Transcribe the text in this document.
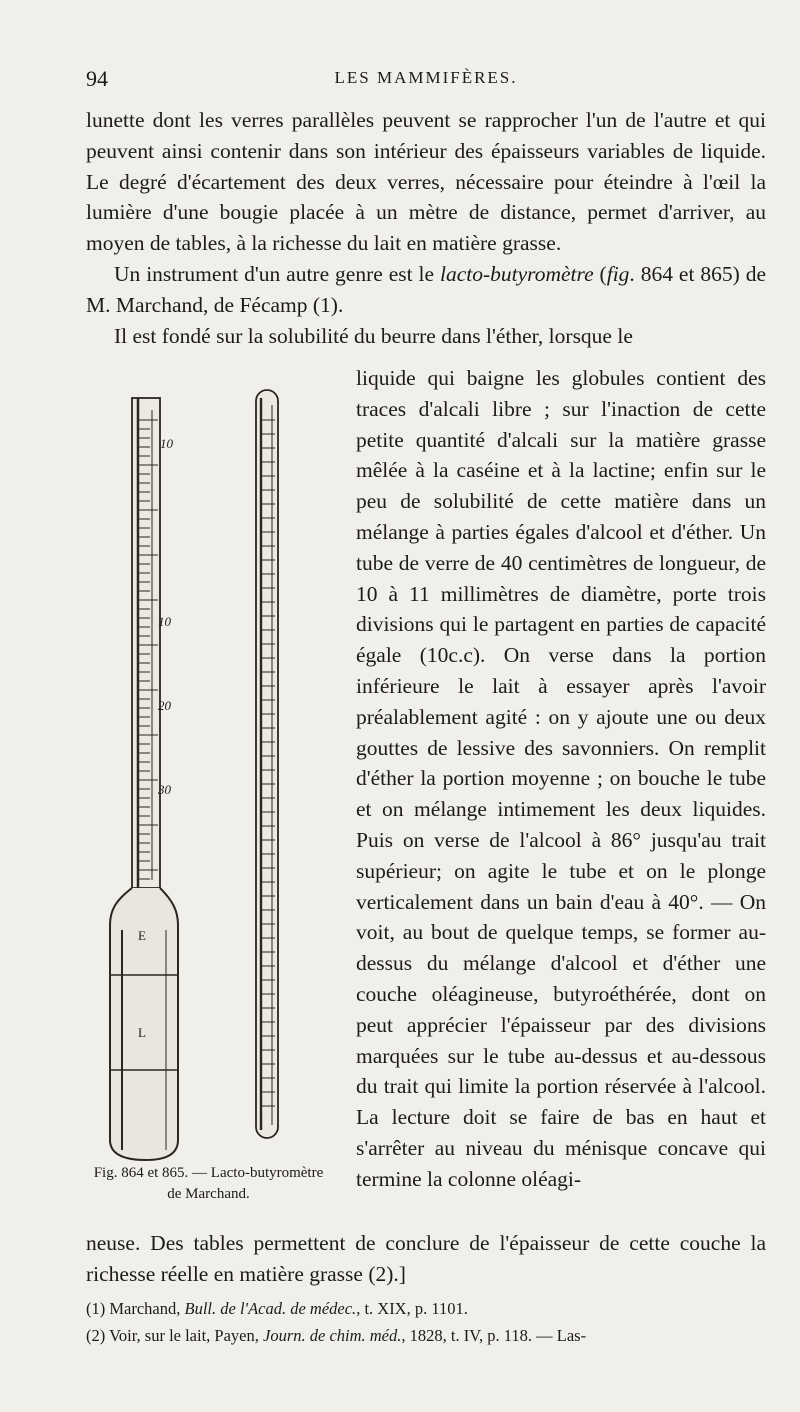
94	LES MAMMIFÈRES.

lunette dont les verres parallèles peuvent se rapprocher l'un de l'autre et qui peuvent ainsi contenir dans son intérieur des épaisseurs variables de liquide. Le degré d'écartement des deux verres, nécessaire pour éteindre à l'œil la lumière d'une bougie placée à un mètre de distance, permet d'arriver, au moyen de tables, à la richesse du lait en matière grasse.

Un instrument d'un autre genre est le lacto-butyromètre (fig. 864 et 865) de M. Marchand, de Fécamp (1).

Il est fondé sur la solubilité du beurre dans l'éther, lorsque le

10
10
20
30
E
L
Fig. 864 et 865. — Lacto-butyromètre de Marchand.

liquide qui baigne les globules contient des traces d'alcali libre ; sur l'inaction de cette petite quantité d'alcali sur la matière grasse mêlée à la caséine et à la lactine; enfin sur le peu de solubilité de cette matière dans un mélange à parties égales d'alcool et d'éther. Un tube de verre de 40 centimètres de longueur, de 10 à 11 millimètres de diamètre, porte trois divisions qui le partagent en parties de capacité égale (10c.c). On verse dans la portion inférieure le lait à essayer après l'avoir préalablement agité : on y ajoute une ou deux gouttes de lessive des savonniers. On remplit d'éther la portion moyenne ; on bouche le tube et on mélange intimement les deux liquides. Puis on verse de l'alcool à 86° jusqu'au trait supérieur; on agite le tube et on le plonge verticalement dans un bain d'eau à 40°. — On voit, au bout de quelque temps, se former au-dessus du mélange d'alcool et d'éther une couche oléagineuse, butyroéthérée, dont on peut apprécier l'épaisseur par des divisions marquées sur le tube au-dessus et au-dessous du trait qui limite la portion réservée à l'alcool. La lecture doit se faire de bas en haut et s'arrêter au niveau du ménisque concave qui termine la colonne oléagi-

neuse. Des tables permettent de conclure de l'épaisseur de cette couche la richesse réelle en matière grasse (2).]

(1) Marchand, Bull. de l'Acad. de médec., t. XIX, p. 1101.

(2) Voir, sur le lait, Payen, Journ. de chim. méd., 1828, t. IV, p. 118. — Las-
